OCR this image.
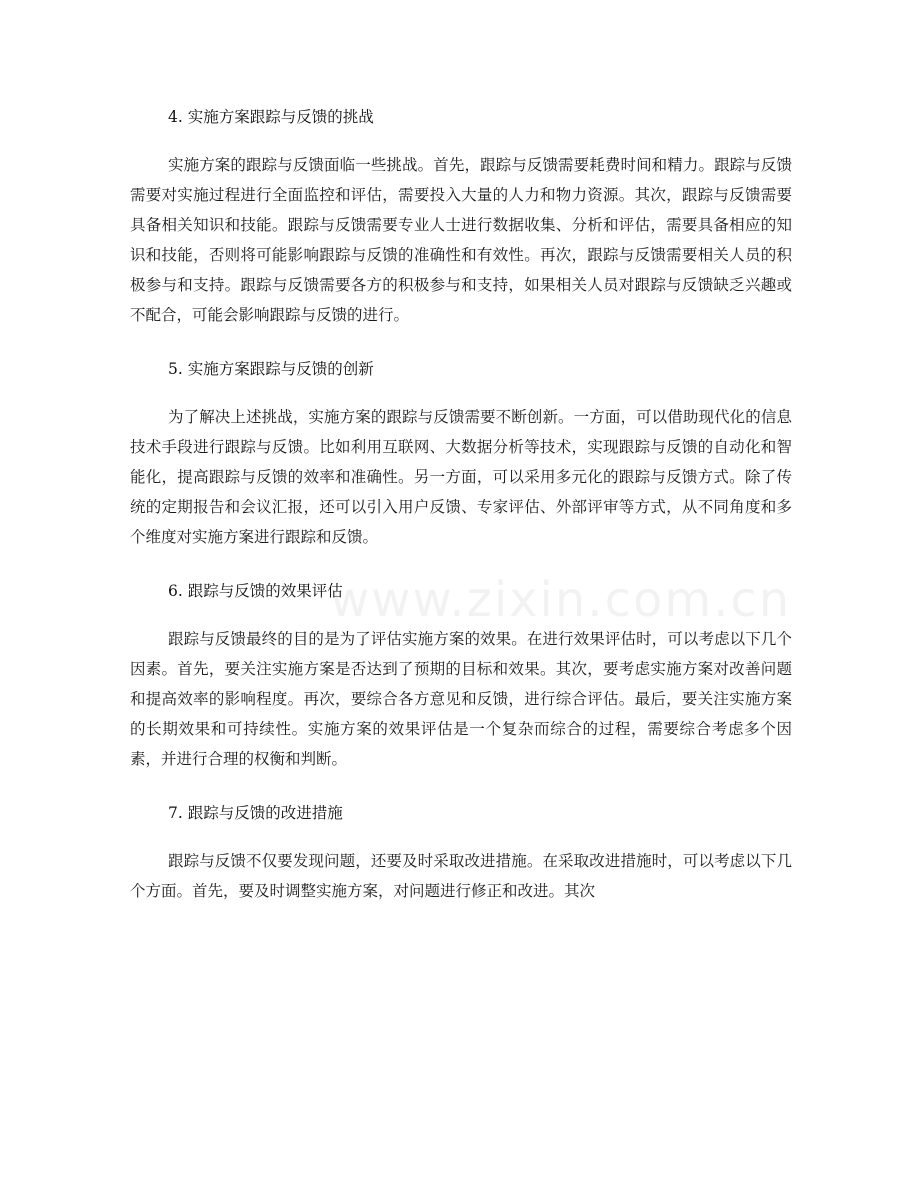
www.zixin.com.cn
4. 实施方案跟踪与反馈的挑战

实施方案的跟踪与反馈面临一些挑战。首先，跟踪与反馈需要耗费时间和精力。跟踪与反馈需要对实施过程进行全面监控和评估，需要投入大量的人力和物力资源。其次，跟踪与反馈需要具备相关知识和技能。跟踪与反馈需要专业人士进行数据收集、分析和评估，需要具备相应的知识和技能，否则将可能影响跟踪与反馈的准确性和有效性。再次，跟踪与反馈需要相关人员的积极参与和支持。跟踪与反馈需要各方的积极参与和支持，如果相关人员对跟踪与反馈缺乏兴趣或不配合，可能会影响跟踪与反馈的进行。

5. 实施方案跟踪与反馈的创新

为了解决上述挑战，实施方案的跟踪与反馈需要不断创新。一方面，可以借助现代化的信息技术手段进行跟踪与反馈。比如利用互联网、大数据分析等技术，实现跟踪与反馈的自动化和智能化，提高跟踪与反馈的效率和准确性。另一方面，可以采用多元化的跟踪与反馈方式。除了传统的定期报告和会议汇报，还可以引入用户反馈、专家评估、外部评审等方式，从不同角度和多个维度对实施方案进行跟踪和反馈。

6. 跟踪与反馈的效果评估

跟踪与反馈最终的目的是为了评估实施方案的效果。在进行效果评估时，可以考虑以下几个因素。首先，要关注实施方案是否达到了预期的目标和效果。其次，要考虑实施方案对改善问题和提高效率的影响程度。再次，要综合各方意见和反馈，进行综合评估。最后，要关注实施方案的长期效果和可持续性。实施方案的效果评估是一个复杂而综合的过程，需要综合考虑多个因素，并进行合理的权衡和判断。

7. 跟踪与反馈的改进措施

跟踪与反馈不仅要发现问题，还要及时采取改进措施。在采取改进措施时，可以考虑以下几个方面。首先，要及时调整实施方案，对问题进行修正和改进。其次
